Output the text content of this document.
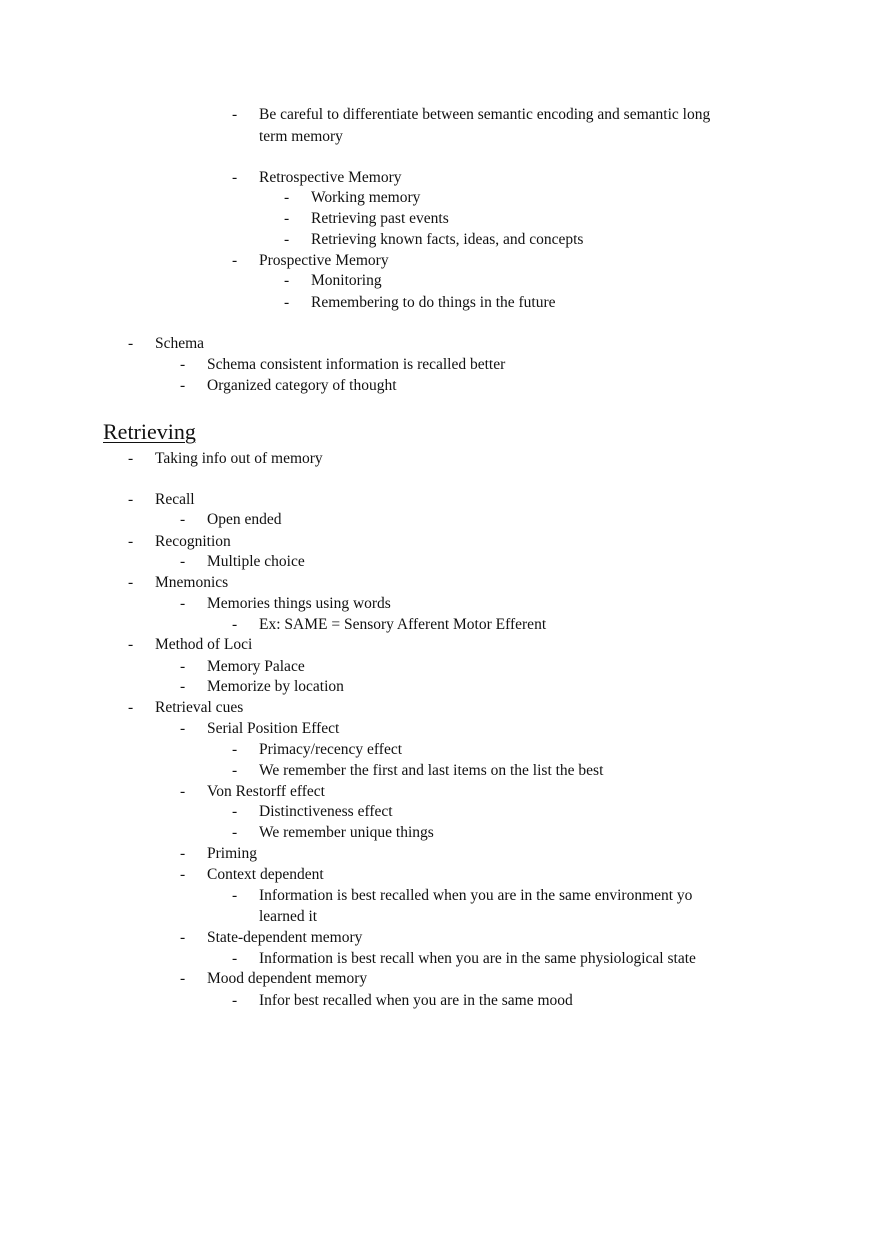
- Be careful to differentiate between semantic encoding and semantic long
term memory
- Retrospective Memory
- Working memory
- Retrieving past events
- Retrieving known facts, ideas, and concepts
- Prospective Memory
- Monitoring
- Remembering to do things in the future
- Schema
- Schema consistent information is recalled better
- Organized category of thought
Retrieving
- Taking info out of memory
- Recall
- Open ended
- Recognition
- Multiple choice
- Mnemonics
- Memories things using words
- Ex: SAME = Sensory Afferent Motor Efferent
- Method of Loci
- Memory Palace
- Memorize by location
- Retrieval cues
- Serial Position Effect
- Primacy/recency effect
- We remember the first and last items on the list the best
- Von Restorff effect
- Distinctiveness effect
- We remember unique things
- Priming
- Context dependent
- Information is best recalled when you are in the same environment yo
learned it
- State-dependent memory
- Information is best recall when you are in the same physiological state
- Mood dependent memory
- Infor best recalled when you are in the same mood
